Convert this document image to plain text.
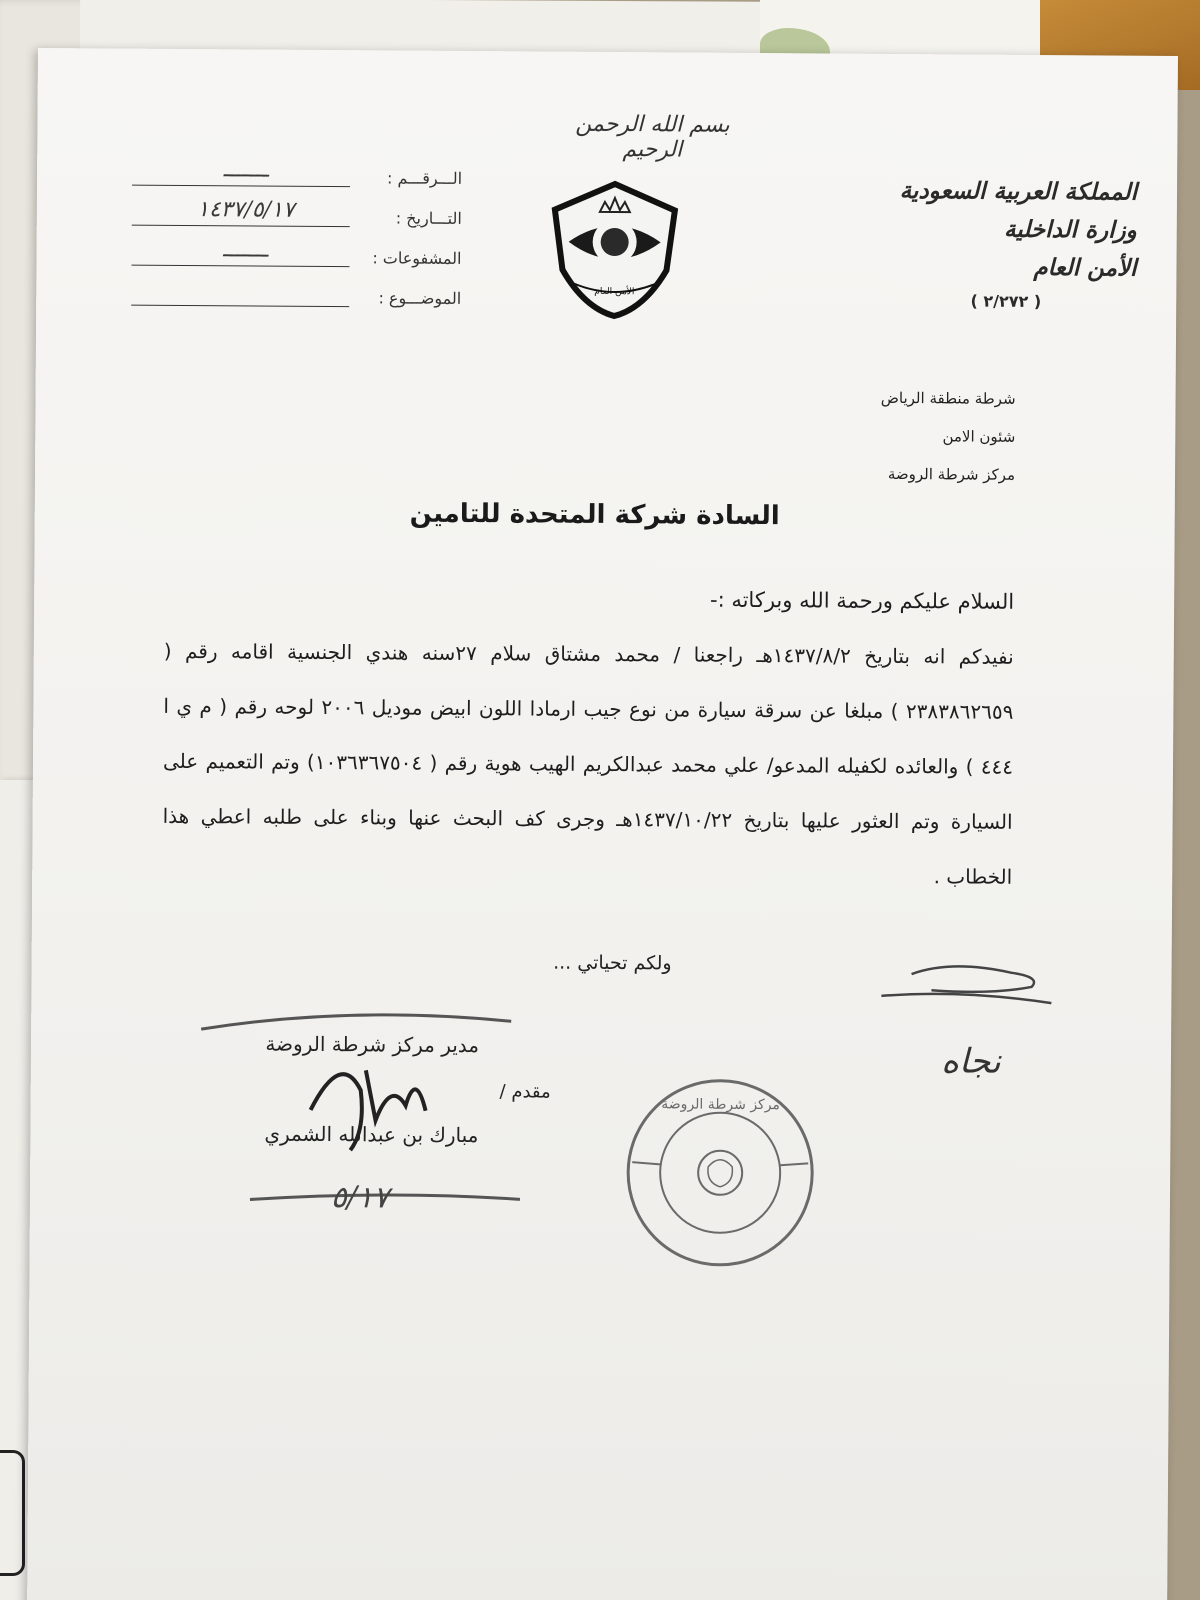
بسم الله الرحمن الرحيم
المملكة العربية السعودية
وزارة الداخلية
الأمن العام
( ٢/٢٧٢ )
الأمن العام
الـــرقـــم :
ـــــــ
التـــاريخ :
١٤٣٧/٥/١٧
المشفوعات :
ـــــــ
الموضـــوع :
شرطة منطقة الرياض
شئون الامن
مركز شرطة الروضة
السادة شركة المتحدة للتامين

السلام عليكم ورحمة الله وبركاته :-

نفيدكم انه بتاريخ ١٤٣٧/٨/٢هـ راجعنا / محمد مشتاق سلام ٢٧سنه هندي الجنسية اقامه رقم ( ٢٣٨٣٨٦٢٦٥٩ ) مبلغا عن سرقة سيارة من نوع جيب ارمادا اللون ابيض موديل ٢٠٠٦ لوحه رقم ( م ي ا ٤٤٤ ) والعائده لكفيله المدعو/ علي محمد عبدالكريم الهيب هوية رقم ( ١٠٣٦٣٦٧٥٠٤) وتم التعميم على السيارة وتم العثور عليها بتاريخ ١٤٣٧/١٠/٢٢هـ وجرى كف البحث عنها وبناء على طلبه اعطي هذا الخطاب .

ولكم تحياتي ...
نجاه
مدير مركز شرطة الروضة
مقدم /
مبارك بن عبدالله الشمري
٥/١٧
مركز شرطة الروضة
